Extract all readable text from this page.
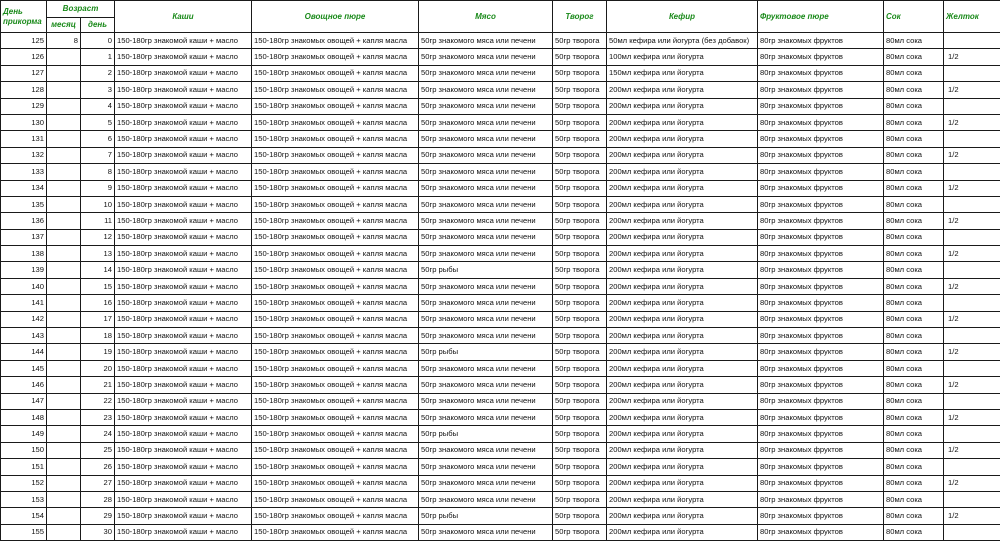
День прикорма	Возраст		Каши	Овощное пюре	Мясо	Творог	Кефир	Фруктовое пюре	Сок	Желток
	месяц	день								
125	8	0	150-180гр знакомой каши + масло	150-180гр знакомых овощей + капля масла	50гр знакомого мяса или печени	50гр творога	50мл кефира или йогурта (без добавок)	80гр знакомых фруктов	80мл сока	
126		1	150-180гр знакомой каши + масло	150-180гр знакомых овощей + капля масла	50гр знакомого мяса или печени	50гр творога	100мл кефира или йогурта	80гр знакомых фруктов	80мл сока	1/2
127		2	150-180гр знакомой каши + масло	150-180гр знакомых овощей + капля масла	50гр знакомого мяса или печени	50гр творога	150мл кефира или йогурта	80гр знакомых фруктов	80мл сока	
128		3	150-180гр знакомой каши + масло	150-180гр знакомых овощей + капля масла	50гр знакомого мяса или печени	50гр творога	200мл кефира или йогурта	80гр знакомых фруктов	80мл сока	1/2
129		4	150-180гр знакомой каши + масло	150-180гр знакомых овощей + капля масла	50гр знакомого мяса или печени	50гр творога	200мл кефира или йогурта	80гр знакомых фруктов	80мл сока	
130		5	150-180гр знакомой каши + масло	150-180гр знакомых овощей + капля масла	50гр знакомого мяса или печени	50гр творога	200мл кефира или йогурта	80гр знакомых фруктов	80мл сока	1/2
131		6	150-180гр знакомой каши + масло	150-180гр знакомых овощей + капля масла	50гр знакомого мяса или печени	50гр творога	200мл кефира или йогурта	80гр знакомых фруктов	80мл сока	
132		7	150-180гр знакомой каши + масло	150-180гр знакомых овощей + капля масла	50гр знакомого мяса или печени	50гр творога	200мл кефира или йогурта	80гр знакомых фруктов	80мл сока	1/2
133		8	150-180гр знакомой каши + масло	150-180гр знакомых овощей + капля масла	50гр знакомого мяса или печени	50гр творога	200мл кефира или йогурта	80гр знакомых фруктов	80мл сока	
134		9	150-180гр знакомой каши + масло	150-180гр знакомых овощей + капля масла	50гр знакомого мяса или печени	50гр творога	200мл кефира или йогурта	80гр знакомых фруктов	80мл сока	1/2
135		10	150-180гр знакомой каши + масло	150-180гр знакомых овощей + капля масла	50гр знакомого мяса или печени	50гр творога	200мл кефира или йогурта	80гр знакомых фруктов	80мл сока	
136		11	150-180гр знакомой каши + масло	150-180гр знакомых овощей + капля масла	50гр знакомого мяса или печени	50гр творога	200мл кефира или йогурта	80гр знакомых фруктов	80мл сока	1/2
137		12	150-180гр знакомой каши + масло	150-180гр знакомых овощей + капля масла	50гр знакомого мяса или печени	50гр творога	200мл кефира или йогурта	80гр знакомых фруктов	80мл сока	
138		13	150-180гр знакомой каши + масло	150-180гр знакомых овощей + капля масла	50гр знакомого мяса или печени	50гр творога	200мл кефира или йогурта	80гр знакомых фруктов	80мл сока	1/2
139		14	150-180гр знакомой каши + масло	150-180гр знакомых овощей + капля масла	50гр рыбы	50гр творога	200мл кефира или йогурта	80гр знакомых фруктов	80мл сока	
140		15	150-180гр знакомой каши + масло	150-180гр знакомых овощей + капля масла	50гр знакомого мяса или печени	50гр творога	200мл кефира или йогурта	80гр знакомых фруктов	80мл сока	1/2
141		16	150-180гр знакомой каши + масло	150-180гр знакомых овощей + капля масла	50гр знакомого мяса или печени	50гр творога	200мл кефира или йогурта	80гр знакомых фруктов	80мл сока	
142		17	150-180гр знакомой каши + масло	150-180гр знакомых овощей + капля масла	50гр знакомого мяса или печени	50гр творога	200мл кефира или йогурта	80гр знакомых фруктов	80мл сока	1/2
143		18	150-180гр знакомой каши + масло	150-180гр знакомых овощей + капля масла	50гр знакомого мяса или печени	50гр творога	200мл кефира или йогурта	80гр знакомых фруктов	80мл сока	
144		19	150-180гр знакомой каши + масло	150-180гр знакомых овощей + капля масла	50гр рыбы	50гр творога	200мл кефира или йогурта	80гр знакомых фруктов	80мл сока	1/2
145		20	150-180гр знакомой каши + масло	150-180гр знакомых овощей + капля масла	50гр знакомого мяса или печени	50гр творога	200мл кефира или йогурта	80гр знакомых фруктов	80мл сока	
146		21	150-180гр знакомой каши + масло	150-180гр знакомых овощей + капля масла	50гр знакомого мяса или печени	50гр творога	200мл кефира или йогурта	80гр знакомых фруктов	80мл сока	1/2
147		22	150-180гр знакомой каши + масло	150-180гр знакомых овощей + капля масла	50гр знакомого мяса или печени	50гр творога	200мл кефира или йогурта	80гр знакомых фруктов	80мл сока	
148		23	150-180гр знакомой каши + масло	150-180гр знакомых овощей + капля масла	50гр знакомого мяса или печени	50гр творога	200мл кефира или йогурта	80гр знакомых фруктов	80мл сока	1/2
149		24	150-180гр знакомой каши + масло	150-180гр знакомых овощей + капля масла	50гр рыбы	50гр творога	200мл кефира или йогурта	80гр знакомых фруктов	80мл сока	
150		25	150-180гр знакомой каши + масло	150-180гр знакомых овощей + капля масла	50гр знакомого мяса или печени	50гр творога	200мл кефира или йогурта	80гр знакомых фруктов	80мл сока	1/2
151		26	150-180гр знакомой каши + масло	150-180гр знакомых овощей + капля масла	50гр знакомого мяса или печени	50гр творога	200мл кефира или йогурта	80гр знакомых фруктов	80мл сока	
152		27	150-180гр знакомой каши + масло	150-180гр знакомых овощей + капля масла	50гр знакомого мяса или печени	50гр творога	200мл кефира или йогурта	80гр знакомых фруктов	80мл сока	1/2
153		28	150-180гр знакомой каши + масло	150-180гр знакомых овощей + капля масла	50гр знакомого мяса или печени	50гр творога	200мл кефира или йогурта	80гр знакомых фруктов	80мл сока	
154		29	150-180гр знакомой каши + масло	150-180гр знакомых овощей + капля масла	50гр рыбы	50гр творога	200мл кефира или йогурта	80гр знакомых фруктов	80мл сока	1/2
155		30	150-180гр знакомой каши + масло	150-180гр знакомых овощей + капля масла	50гр знакомого мяса или печени	50гр творога	200мл кефира или йогурта	80гр знакомых фруктов	80мл сока	
